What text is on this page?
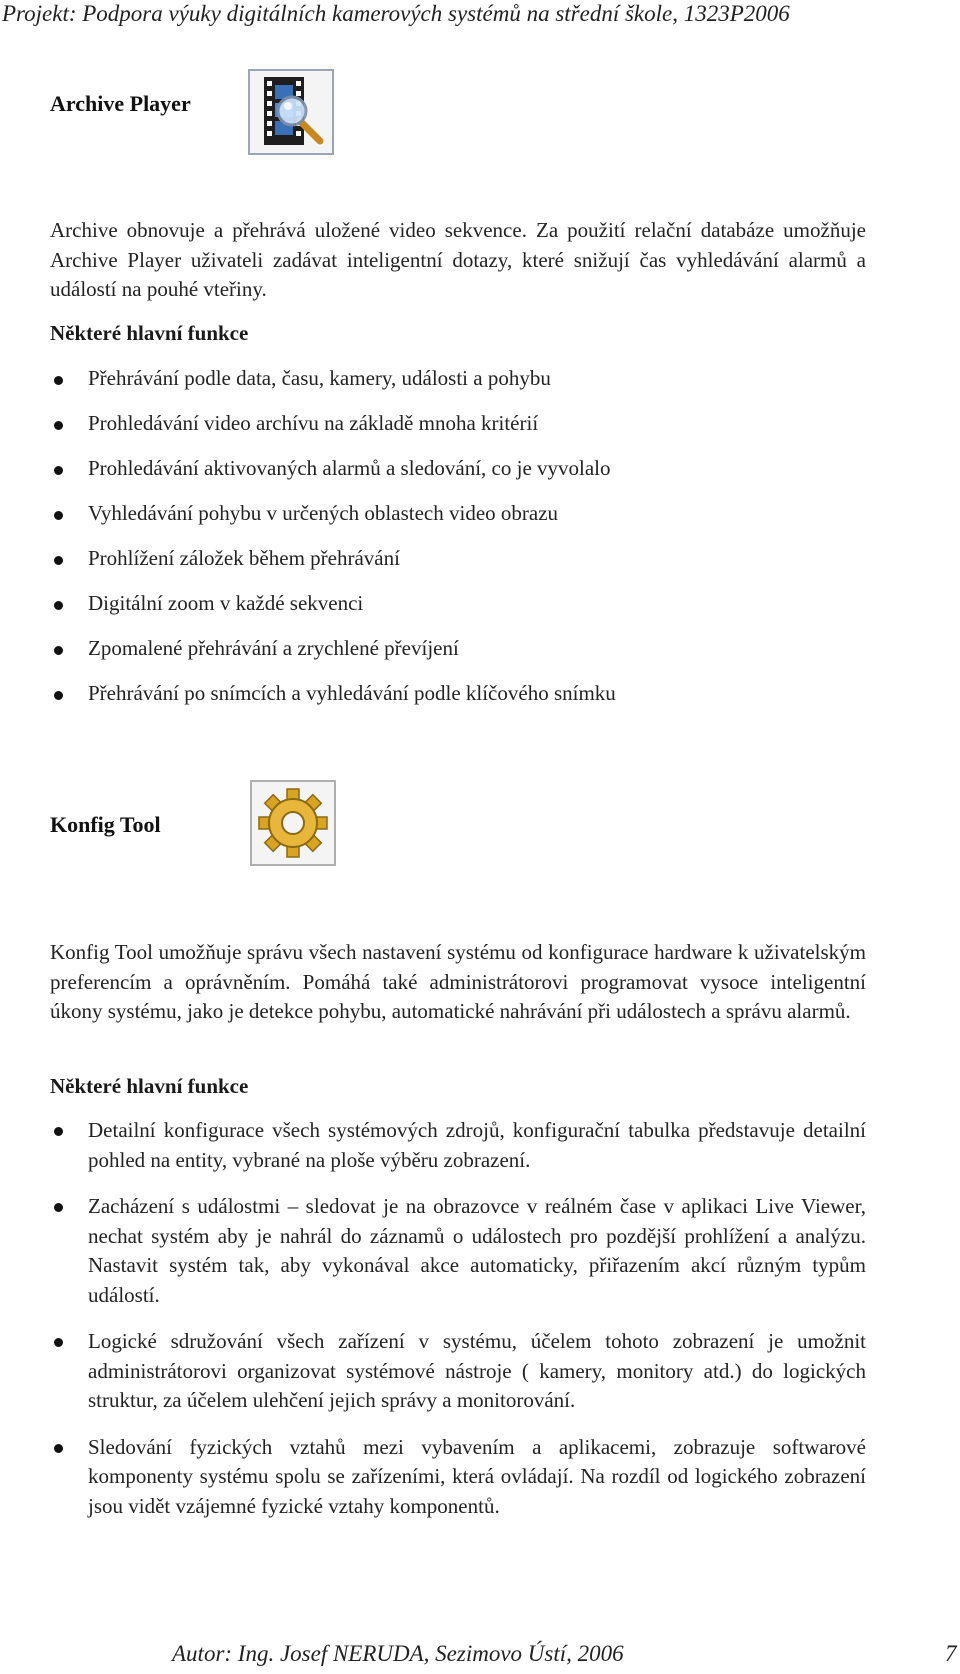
Projekt: Podpora výuky digitálních kamerových systémů na střední škole, 1323P2006
Archive Player
Archive obnovuje a přehrává uložené video sekvence. Za použití relační databáze umožňuje Archive Player uživateli zadávat inteligentní dotazy, které snižují čas vyhledávání alarmů a událostí na pouhé vteřiny.
Některé hlavní funkce
Přehrávání podle data, času, kamery, události a pohybu
Prohledávání video archívu na základě mnoha kritérií
Prohledávání aktivovaných alarmů a sledování, co je vyvolalo
Vyhledávání pohybu v určených oblastech video obrazu
Prohlížení záložek během přehrávání
Digitální zoom v každé sekvenci
Zpomalené přehrávání a zrychlené převíjení
Přehrávání po snímcích a vyhledávání podle klíčového snímku
Konfig Tool
Konfig Tool umožňuje správu všech nastavení systému od konfigurace hardware k uživatelským preferencím a oprávněním. Pomáhá také administrátorovi programovat vysoce inteligentní úkony systému, jako je detekce pohybu, automatické nahrávání při událostech a správu alarmů.
Některé hlavní funkce
Detailní konfigurace všech systémových zdrojů, konfigurační tabulka představuje detailní pohled na entity, vybrané na ploše výběru zobrazení.
Zacházení s událostmi – sledovat je na obrazovce v reálném čase v aplikaci Live Viewer, nechat systém aby je nahrál do záznamů o událostech pro pozdější prohlížení a analýzu. Nastavit systém tak, aby vykonával akce automaticky, přiřazením akcí různým typům událostí.
Logické sdružování všech zařízení v systému, účelem tohoto zobrazení je umožnit administrátorovi organizovat systémové nástroje ( kamery, monitory atd.) do logických struktur, za účelem ulehčení jejich správy a monitorování.
Sledování fyzických vztahů mezi vybavením a aplikacemi, zobrazuje softwarové komponenty systému spolu se zařízeními, která ovládají. Na rozdíl od logického zobrazení jsou vidět vzájemné fyzické vztahy komponentů.
Autor: Ing. Josef NERUDA, Sezimovo Ústí, 2006	7
